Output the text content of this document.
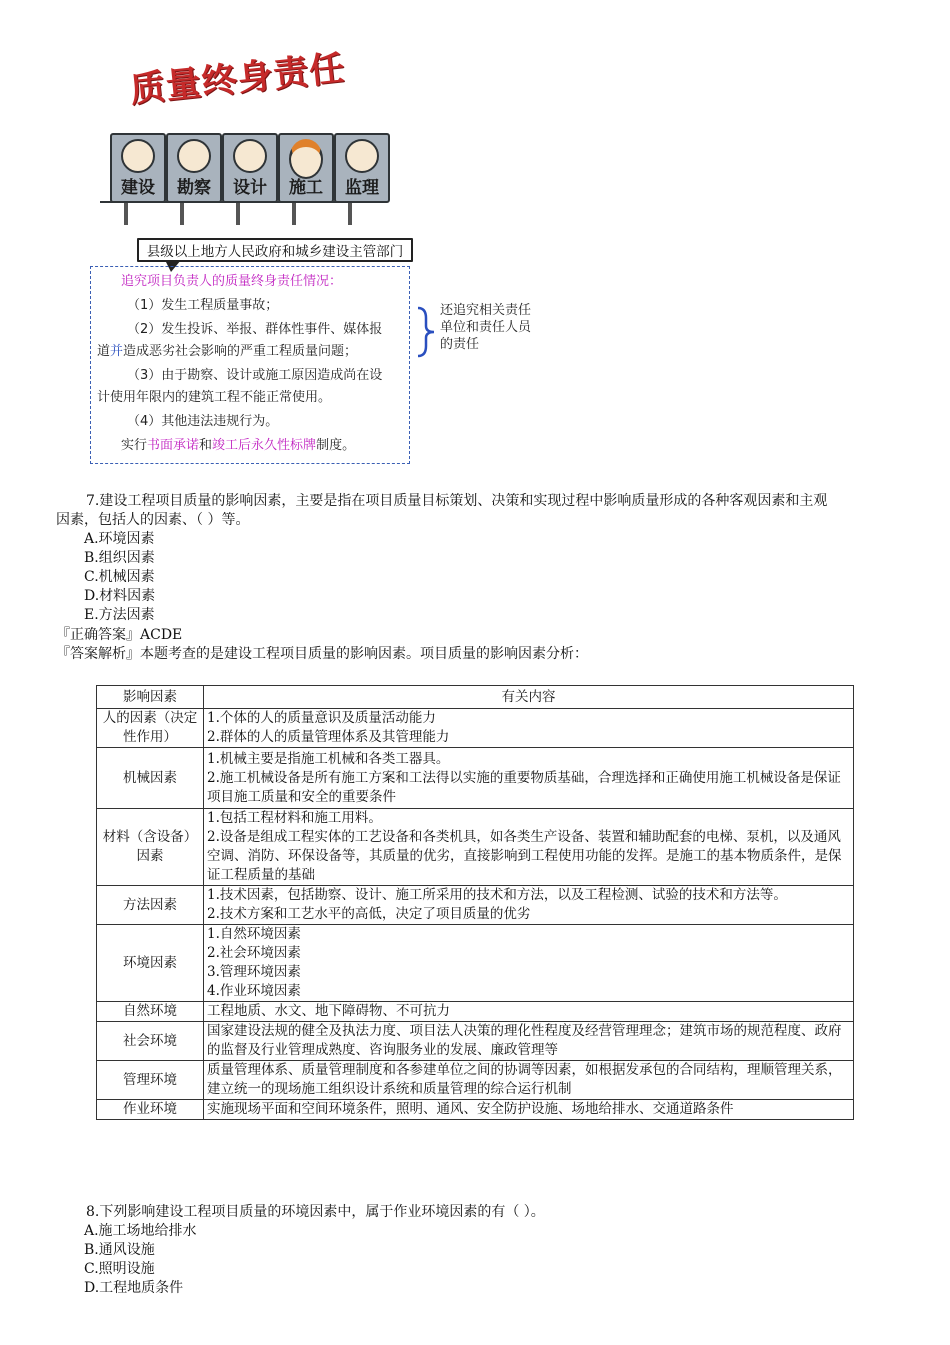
质量终身责任
建设	勘察	设计	施工	监理
县级以上地方人民政府和城乡建设主管部门

追究项目负责人的质量终身责任情况：

（1）发生工程质量事故；

（2）发生投诉、举报、群体性事件、媒体报

道并造成恶劣社会影响的严重工程质量问题；

（3）由于勘察、设计或施工原因造成尚在设

计使用年限内的建筑工程不能正常使用。

（4）其他违法违规行为。

实行书面承诺和竣工后永久性标牌制度。

还追究相关责任单位和责任人员的责任
7.建设工程项目质量的影响因素，主要是指在项目质量目标策划、决策和实现过程中影响质量形成的各种客观因素和主观
因素，包括人的因素、（ ）等。
A.环境因素
B.组织因素
C.机械因素
D.材料因素
E.方法因素
『正确答案』ACDE
『答案解析』本题考查的是建设工程项目质量的影响因素。项目质量的影响因素分析：
影响因素	有关内容
人的因素（决定性作用）	1.个体的人的质量意识及质量活动能力
2.群体的人的质量管理体系及其管理能力

机械因素	1.机械主要是指施工机械和各类工器具。
2.施工机械设备是所有施工方案和工法得以实施的重要物质基础，合理选择和正确使用施工机械设备是保证项目施工质量和安全的重要条件

材料（含设备）因素	1.包括工程材料和施工用料。
2.设备是组成工程实体的工艺设备和各类机具，如各类生产设备、装置和辅助配套的电梯、泵机，以及通风空调、消防、环保设备等，其质量的优劣，直接影响到工程使用功能的发挥。是施工的基本物质条件，是保证工程质量的基础

方法因素	1.技术因素，包括勘察、设计、施工所采用的技术和方法，以及工程检测、试验的技术和方法等。
2.技术方案和工艺水平的高低，决定了项目质量的优劣

环境因素	1.自然环境因素
2.社会环境因素
3.管理环境因素
4.作业环境因素

自然环境	工程地质、水文、地下障碍物、不可抗力

社会环境	国家建设法规的健全及执法力度、项目法人决策的理化性程度及经营管理理念；建筑市场的规范程度、政府的监督及行业管理成熟度、咨询服务业的发展、廉政管理等

管理环境	质量管理体系、质量管理制度和各参建单位之间的协调等因素，如根据发承包的合同结构，理顺管理关系，建立统一的现场施工组织设计系统和质量管理的综合运行机制

作业环境	实施现场平面和空间环境条件，照明、通风、安全防护设施、场地给排水、交通道路条件
8.下列影响建设工程项目质量的环境因素中，属于作业环境因素的有（ ）。
A.施工场地给排水
B.通风设施
C.照明设施
D.工程地质条件
